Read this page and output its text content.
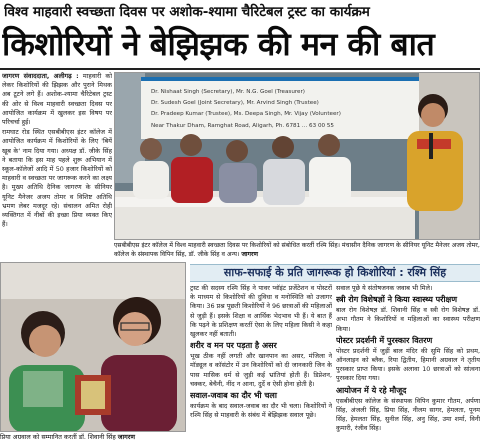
विश्व माहवारी स्वच्छता दिवस पर अशोक-श्यामा चैरिटेबल ट्रस्ट का कार्यक्रम
किशोरियों ने बेझिझक की मन की बात

जागरण संवाददाता, अलीगढ़ : माहवारी को लेकर किशोरियों की झिझक और पुराने मिथक अब टूटने लगे हैं। अशोक-श्यामा चैरिटेबल ट्रस्ट की ओर से विश्व माहवारी स्वच्छता दिवस पर आयोजित कार्यक्रम में खुलकर इस विषय पर परिचर्चा हुई।

रामघाट रोड स्थित एसबीबीएस इंटर कॉलेज में आयोजित कार्यक्रम में किशोरियों के लिए 'बियें खूब के' नाम दिया गया। अध्यक्ष डॉ. जीके सिंह ने बताया कि इस माह पहले शुरू अभियान में स्कूल-कॉलेजों आदि में 50 हजार किशोरियों को माहवारी व स्वच्छता पर जागरूक करने का लक्ष्य है। मुख्य अतिथि दैनिक जागरण के सीनियर यूनिट मैनेजर अजय तोमर व विशिष्ट अतिथि भ्रमण लेबर मजदूर रहे। संचालन अमित रोही व्यक्तिगत में नीबों की इच्छा प्रिया व्यक्त किए हैं।

Dr. Nishaat Singh (Secretary), Mr. N.G. Goel (Treasurer)
Dr. Sudesh Goel (Joint Secretary), Mr. Arvind Singh (Trustee)
Dr. Pradeep Kumar (Trustee), Ms. Deepa Singh, Mr. Vijay (Volunteer)
Near Thakur Dham, Ramghat Road, Aligarh, Ph. 6781 ... 63 00 55
एसबीबीएस इंटर कॉलेज में विश्व माहवारी स्वच्छता दिवस पर किशोरियों को संबोधित करतीं रश्मि सिंह। मंचासीन दैनिक जागरण के सीनियर यूनिट मैनेजर अजय तोमर, कॉलेज के संस्थापक विपिन सिंह, डॉ. जीके सिंह व अन्य। जागरण
प्रिया अग्रवाल को सम्मानित करतीं डॉ. शिवानी सिंह जागरण
साफ-सफाई के प्रति जागरूक हो किशोरियां : रश्मि सिंह

ट्रस्ट की सदस्य रश्मि सिंह ने पावर प्वॉइंट प्रजेंटेशन व पोस्टरों के माध्यम से किशोरियों की दुविधा व मनोस्थिति को उजागर किया। 36 प्रश्न पूछती किशोरियों ने 96 छात्राओं की महिलाओं से जुड़ी हैं। इसके शिक्षा व आर्थिक भेदभाव भी हैं। ये बात हैं कि पढ़ने के प्रशिक्षण करतीं ऐसा के लिए महिला किसी ने कहा खुलकर नहीं बताती।

शरीर व मन पर पड़ता है असर

भूख ठीक नहीं लगती और खानपान का असर, मंजिला ने मॉड्यूल व कॉसंटोर में उन किशोरियों को दी जानकारी जिन के पास मासिक धर्म से जुड़ी कई भ्रांतियां होती हैं। डिप्रेशन, चक्कर, बेचैनी, नींद न आना, दुर्दे व ऐसी होना होती है।

सवाल-जवाब का दौर भी चला

कार्यक्रम के बाद सवाल-जवाब का दौर भी चला। किशोरियों ने रश्मि सिंह से माहवारी के संबंध में बेझिझक सवाल पूछे।

सवाल पूछे ये संतोषजनक जवाब भी मिले।

स्त्री रोग विशेषज्ञों ने किया स्वास्थ्य परीक्षण

बाल रोग विशेषज्ञ डॉ. शिवानी सिंह व स्त्री रोग विशेषज्ञ डॉ. अभा गौतम ने किशोरियों व महिलाओं का स्वास्थ्य परीक्षण किया।

पोस्टर प्रदर्शनी में पुरस्कार वितरण

पोस्टर प्रदर्शनी में जुड़ीं बाल मंदिर की सुमि सिंह को प्रथम, ऑनलाइन को ब्लैक, रिया द्वितीय, हिमानी अग्रवाल ने तृतीय पुरस्कार प्राप्त किया। इसके अलावा 10 छात्राओं को सांत्वना पुरस्कार दिया गया।

आयोजन में ये रहे मौजूद

एसबीबीएस कॉलेज के संस्थापक विपिन कुमार गौतम, अर्पणा सिंह, अंजली सिंह, प्रिया सिंह, नीलम सागर, हेमलता, पूनम सिंह, हेमलता सिंह, सुनील सिंह, अनु सिंह, उमा शर्मा, विनी कुमारी, रंजीव सिंह।
